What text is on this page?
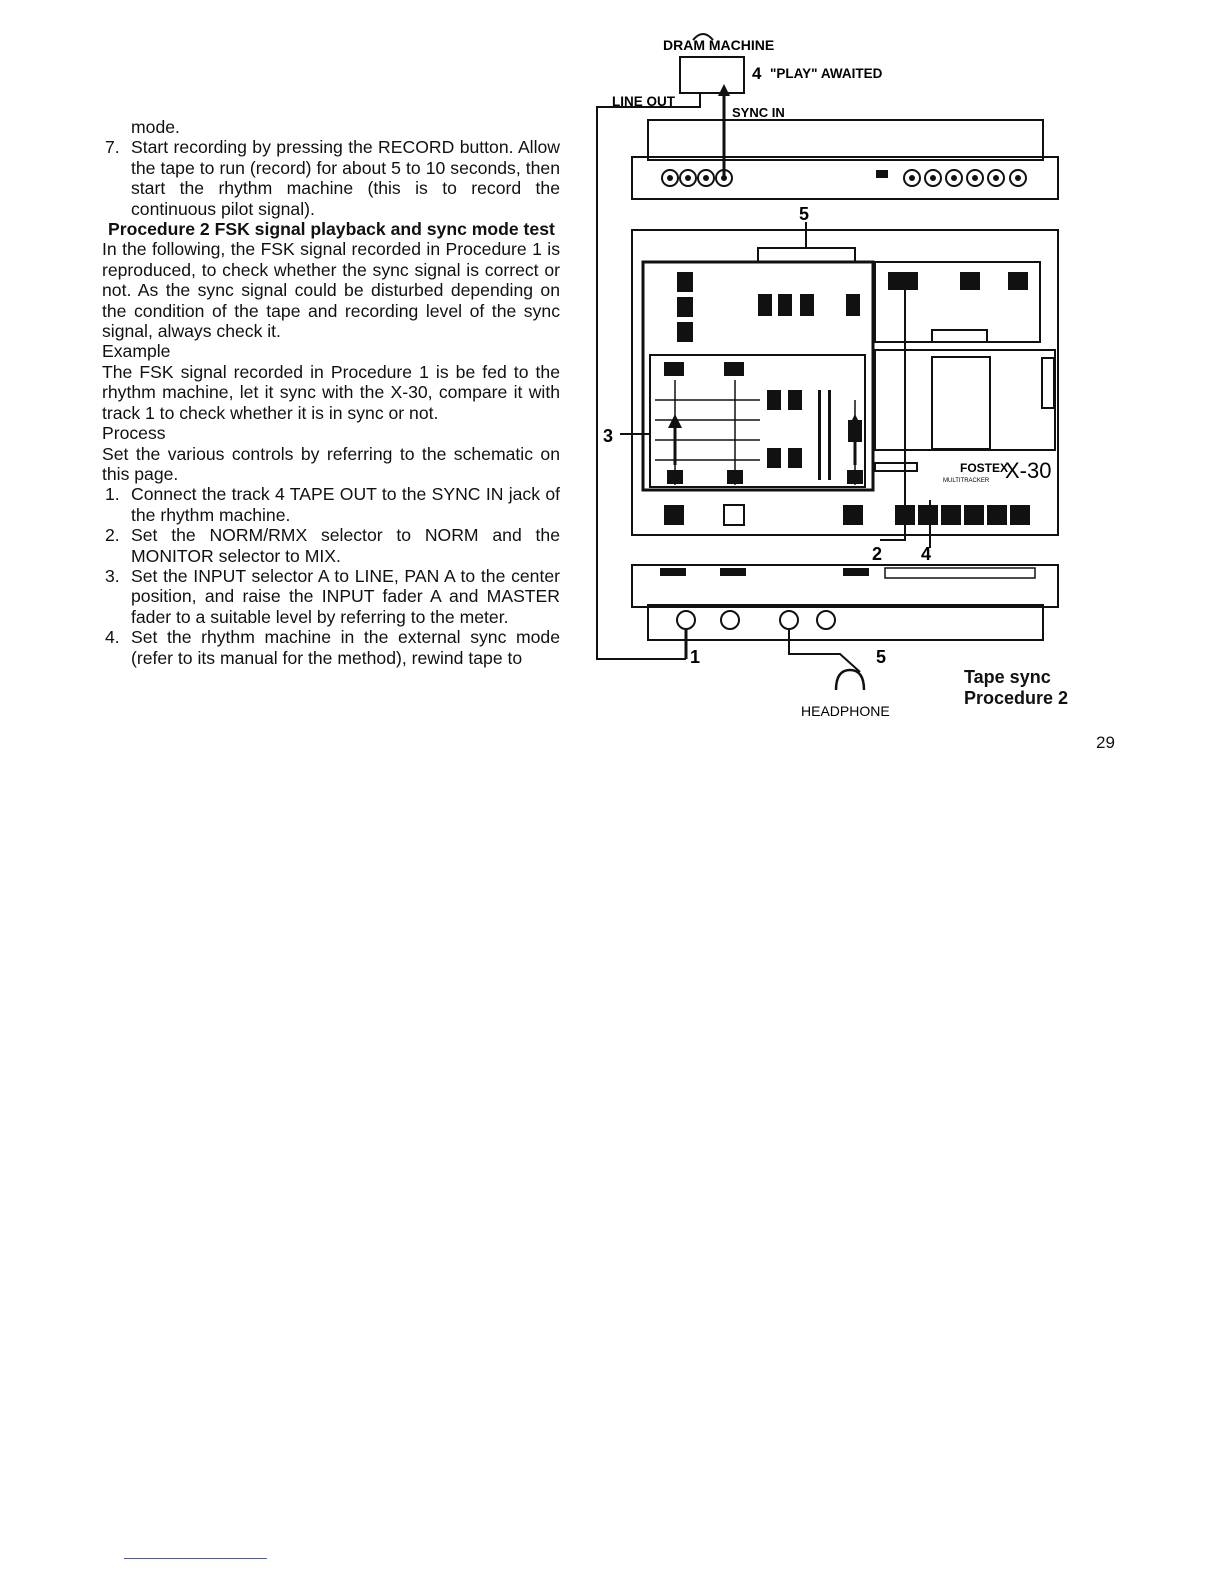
mode.

7. Start recording by pressing the RECORD button. Allow the tape to run (record) for about 5 to 10 seconds, then start the rhythm machine (this is to record the continuous pilot signal).

Procedure 2 FSK signal playback and sync mode test

In the following, the FSK signal recorded in Procedure 1 is reproduced, to check whether the sync signal is correct or not. As the sync signal could be disturbed depending on the condition of the tape and recording level of the sync signal, always check it.

Example

The FSK signal recorded in Procedure 1 is be fed to the rhythm machine, let it sync with the X-30, compare it with track 1 to check whether it is in sync or not.

Process

Set the various controls by referring to the schematic on this page.

1. Connect the track 4 TAPE OUT to the SYNC IN jack of the rhythm machine.
2. Set the NORM/RMX selector to NORM and the MONITOR selector to MIX.
3. Set the INPUT selector A to LINE, PAN A to the center position, and raise the INPUT fader A and MASTER fader to a suitable level by referring to the meter.
4. Set the rhythm machine in the external sync mode (refer to its manual for the method), rewind tape to
DRAM MACHINE
4 "PLAY" AWAITED
LINE OUT
SYNC IN
5
3
2 4
1	5
HEADPHONE
FOSTEX
X-30
MULTITRACKER
Tape sync
Procedure 2
29
